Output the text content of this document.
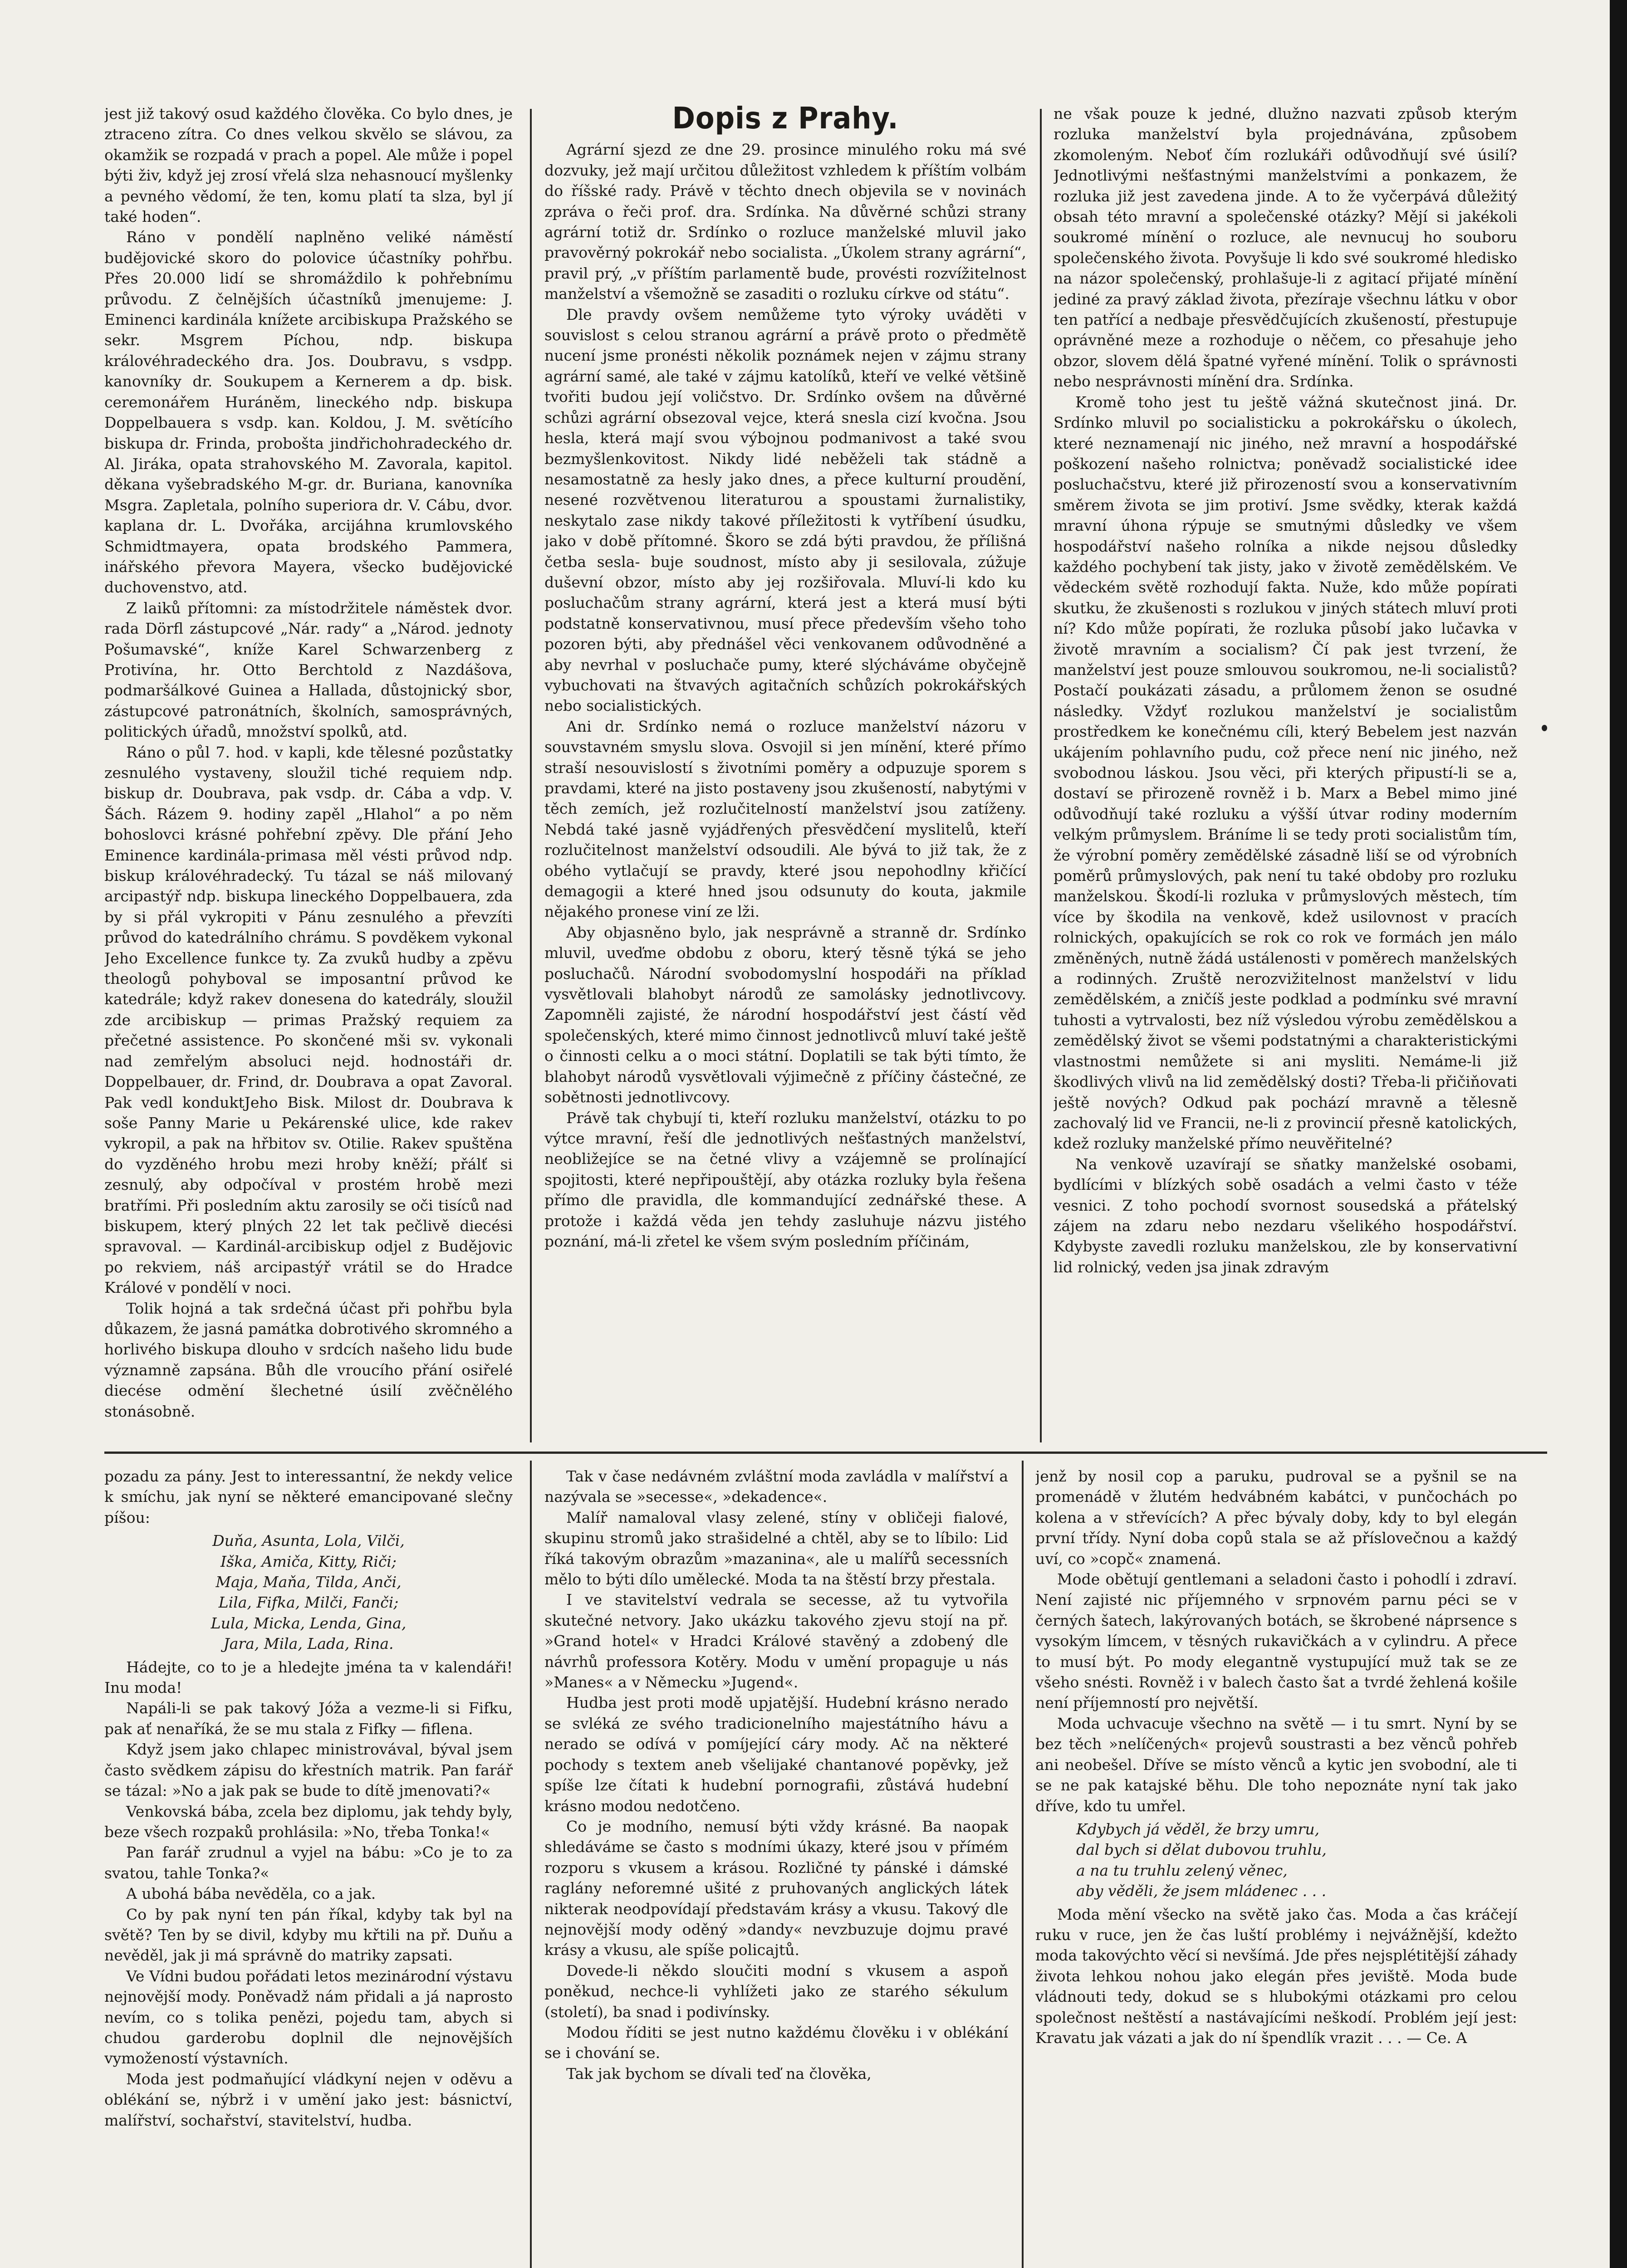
jest již takový osud každého člověka. Co bylo dnes, je ztraceno zítra. Co dnes velkou skvělo se slávou, za okamžik se rozpadá v prach a popel. Ale může i popel býti živ, když jej zrosí vřelá slza nehasnoucí myšlenky a pevného vědomí, že ten, komu platí ta slza, byl jí také hoden“.

Ráno v pondělí naplněno veliké náměstí budějovické skoro do polovice účastníky pohřbu. Přes 20.000 lidí se shromáždilo k pohřebnímu průvodu. Z čelnějších účastníků jmenujeme: J. Eminenci kardinála knížete arcibiskupa Pražského se sekr. Msgrem Píchou, ndp. biskupa královéhradeckého dra. Jos. Doubravu, s vsdpp. kanovníky dr. Soukupem a Kernerem a dp. bisk. ceremonářem Huráněm, lineckého ndp. biskupa Doppelbauera s vsdp. kan. Koldou, J. M. světícího biskupa dr. Frinda, probošta jindřichohradeckého dr. Al. Jiráka, opata strahovského M. Zavorala, kapitol. děkana vyšebradského M-gr. dr. Buriana, kanovníka Msgra. Zapletala, polního superiora dr. V. Cábu, dvor. kaplana dr. L. Dvořáka, arcijáhna krumlovského Schmidtmayera, opata brodského Pammera, inářského převora Mayera, všecko budějovické duchovenstvo, atd.

Z laiků přítomni: za místodržitele náměstek dvor. rada Dörfl zástupcové „Nár. rady“ a „Národ. jednoty Pošumavské“, kníže Karel Schwarzenberg z Protivína, hr. Otto Berchtold z Nazdášova, podmaršálkové Guinea a Hallada, důstojnický sbor, zástupcové patronátních, školních, samosprávných, politických úřadů, množství spolků, atd.

Ráno o půl 7. hod. v kapli, kde tělesné pozůstatky zesnulého vystaveny, sloužil tiché requiem ndp. biskup dr. Doubrava, pak vsdp. dr. Cába a vdp. V. Šách. Rázem 9. hodiny zapěl „Hlahol“ a po něm bohoslovci krásné pohřební zpěvy. Dle přání Jeho Eminence kardinála-primasa měl vésti průvod ndp. biskup královéhradecký. Tu tázal se náš milovaný arcipastýř ndp. biskupa lineckého Doppelbauera, zda by si přál vykropiti v Pánu zesnulého a převzíti průvod do katedrálního chrámu. S povděkem vykonal Jeho Excellence funkce ty. Za zvuků hudby a zpěvu theologů pohyboval se imposantní průvod ke katedrále; když rakev donesena do katedrály, sloužil zde arcibiskup — primas Pražský requiem za přečetné assistence. Po skončené mši sv. vykonali nad zemřelým absoluci nejd. hodnostáři dr. Doppelbauer, dr. Frind, dr. Doubrava a opat Zavoral. Pak vedl konduktJeho Bisk. Milost dr. Doubrava k soše Panny Marie u Pekárenské ulice, kde rakev vykropil, a pak na hřbitov sv. Otilie. Rakev spuštěna do vyzděného hrobu mezi hroby kněží; přálť si zesnulý, aby odpočíval v prostém hrobě mezi bratřími. Při posledním aktu zarosily se oči tisíců nad biskupem, který plných 22 let tak pečlivě diecési spravoval. — Kardinál-arcibiskup odjel z Budějovic po rekviem, náš arcipastýř vrátil se do Hradce Králové v pondělí v noci.

Tolik hojná a tak srdečná účast při pohřbu byla důkazem, že jasná památka dobrotivého skromného a horlivého biskupa dlouho v srdcích našeho lidu bude významně zapsána. Bůh dle vroucího přání osiřelé diecése odmění šlechetné úsilí zvěčnělého stonásobně.

Dopis z Prahy.

Agrární sjezd ze dne 29. prosince minulého roku má své dozvuky, jež mají určitou důležitost vzhledem k příštím volbám do říšské rady. Právě v těchto dnech objevila se v novinách zpráva o řeči prof. dra. Srdínka. Na důvěrné schůzi strany agrární totiž dr. Srdínko o rozluce manželské mluvil jako pravověrný pokrokář nebo socialista. „Úkolem strany agrární“, pravil prý, „v příštím parlamentě bude, provésti rozvížitelnost manželství a všemožně se zasaditi o rozluku církve od státu“.

Dle pravdy ovšem nemůžeme tyto výroky uváděti v souvislost s celou stranou agrární a právě proto o předmětě nucení jsme pronésti několik poznámek nejen v zájmu strany agrární samé, ale také v zájmu katolíků, kteří ve velké většině tvořiti budou její voličstvo. Dr. Srdínko ovšem na důvěrné schůzi agrární obsezoval vejce, která snesla cizí kvočna. Jsou hesla, která mají svou výbojnou podmanivost a také svou bezmyšlenkovitost. Nikdy lidé neběželi tak stádně a nesamostatně za hesly jako dnes, a přece kulturní proudění, nesené rozvětvenou literaturou a spoustami žurnalistiky, neskytalo zase nikdy takové příležitosti k vytříbení úsudku, jako v době přítomné. Škoro se zdá býti pravdou, že přílišná četba sesla- buje soudnost, místo aby ji sesilovala, zúžuje duševní obzor, místo aby jej rozšiřovala. Mluví-li kdo ku posluchačům strany agrární, která jest a která musí býti podstatně konservativnou, musí přece především všeho toho pozoren býti, aby přednášel věci venkovanem odůvodněné a aby nevrhal v posluchače pumy, které slýcháváme obyčejně vybuchovati na štvavých agitačních schůzích pokrokářských nebo socialistických.

Ani dr. Srdínko nemá o rozluce manželství názoru v souvstavném smyslu slova. Osvojil si jen mínění, které přímo straší nesouvislostí s životními poměry a odpuzuje sporem s pravdami, které na jisto postaveny jsou zkušeností, nabytými v těch zemích, jež rozlučitelností manželství jsou zatíženy. Nebdá také jasně vyjádřených přesvědčení myslitelů, kteří rozlučitelnost manželství odsoudili. Ale bývá to již tak, že z obého vytlačují se pravdy, které jsou nepohodlny křičící demagogii a které hned jsou odsunuty do kouta, jakmile nějakého pronese viní ze lži.

Aby objasněno bylo, jak nesprávně a stranně dr. Srdínko mluvil, uveďme obdobu z oboru, který těsně týká se jeho posluchačů. Národní svobodomyslní hospodáři na příklad vysvětlovali blahobyt národů ze samolásky jednotlivcovy. Zapomněli zajisté, že národní hospodářství jest částí věd společenských, které mimo činnost jednotlivců mluví také ještě o činnosti celku a o moci státní. Doplatili se tak býti tímto, že blahobyt národů vysvětlovali výjimečně z příčiny částečné, ze sobětnosti jednotlivcovy.

Právě tak chybují ti, kteří rozluku manželství, otázku to po výtce mravní, řeší dle jednotlivých nešťastných manželství, neobližejíce se na četné vlivy a vzájemně se prolínající spojitosti, které nepřipouštějí, aby otázka rozluky byla řešena přímo dle pravidla, dle kommandující zednářské these. A protože i každá věda jen tehdy zasluhuje názvu jistého poznání, má-li zřetel ke všem svým posledním příčinám,

ne však pouze k jedné, dlužno nazvati způsob kterým rozluka manželství byla projednávána, způsobem zkomoleným. Neboť čím rozlukáři odůvodňují své úsilí? Jednotlivými nešťastnými manželstvími a ponkazem, že rozluka již jest zavedena jinde. A to že vyčerpává důležitý obsah této mravní a společenské otázky? Mějí si jakékoli soukromé mínění o rozluce, ale nevnucuj ho souboru společenského života. Povyšuje li kdo své soukromé hledisko na názor společenský, prohlašuje-li z agitací přijaté mínění jediné za pravý základ života, přezíraje všechnu látku v obor ten patřící a nedbaje přesvědčujících zkušeností, přestupuje oprávněné meze a rozhoduje o něčem, co přesahuje jeho obzor, slovem dělá špatné vyřené mínění. Tolik o správnosti nebo nesprávnosti mínění dra. Srdínka.

Kromě toho jest tu ještě vážná skutečnost jiná. Dr. Srdínko mluvil po socialisticku a pokrokářsku o úkolech, které neznamenají nic jiného, než mravní a hospodářské poškození našeho rolnictva; poněvadž socialistické idee posluchačstvu, které již přirozeností svou a konservativním směrem života se jim protiví. Jsme svědky, kterak každá mravní úhona rýpuje se smutnými důsledky ve všem hospodářství našeho rolníka a nikde nejsou důsledky každého pochybení tak jisty, jako v životě zemědělském. Ve vědeckém světě rozhodují fakta. Nuže, kdo může popírati skutku, že zkušenosti s rozlukou v jiných státech mluví proti ní? Kdo může popírati, že rozluka působí jako lučavka v životě mravním a socialism? Čí pak jest tvrzení, že manželství jest pouze smlouvou soukromou, ne-li socialistů? Postačí poukázati zásadu, a průlomem ženon se osudné následky. Vždyť rozlukou manželství je socialistům prostředkem ke konečnému cíli, který Bebelem jest nazván ukájením pohlavního pudu, což přece není nic jiného, než svobodnou láskou. Jsou věci, při kterých připustí-li se a, dostaví se přirozeně rovněž i b. Marx a Bebel mimo jiné odůvodňují také rozluku a výšší útvar rodiny moderním velkým průmyslem. Bráníme li se tedy proti socialistům tím, že výrobní poměry zemědělské zásadně liší se od výrobních poměrů průmyslových, pak není tu také obdoby pro rozluku manželskou. Škodí-li rozluka v průmyslových městech, tím více by škodila na venkově, kdež usilovnost v pracích rolnických, opakujících se rok co rok ve formách jen málo změněných, nutně žádá ustálenosti v poměrech manželských a rodinných. Zruště nerozvižitelnost manželství v lidu zemědělském, a zničíš jeste podklad a podmínku své mravní tuhosti a vytrvalosti, bez níž výsledou výrobu zemědělskou a zemědělský život se všemi podstatnými a charakteristickými vlastnostmi nemůžete si ani mysliti. Nemáme-li již škodlivých vlivů na lid zemědělský dosti? Třeba-li přičiňovati ještě nových? Odkud pak pochází mravně a tělesně zachovalý lid ve Francii, ne-li z provincií přesně katolických, kdež rozluky manželské přímo neuvěřitelné?

Na venkově uzavírají se sňatky manželské osobami, bydlícími v blízkých sobě osadách a velmi často v téže vesnici. Z toho pochodí svornost sousedská a přátelský zájem na zdaru nebo nezdaru všelikého hospodářství. Kdybyste zavedli rozluku manželskou, zle by konservativní lid rolnický, veden jsa jinak zdravým

pozadu za pány. Jest to interessantní, že nekdy velice k smíchu, jak nyní se některé emancipované slečny píšou:

Duňa, Asunta, Lola, Vilči,
Iška, Amiča, Kitty, Riči;
Maja, Maňa, Tilda, Anči,
Lila, Fifka, Milči, Fanči;
Lula, Micka, Lenda, Gina,
Jara, Mila, Lada, Rina.

Hádejte, co to je a hledejte jména ta v kalendáři! Inu moda!

Napáli-li se pak takový Jóža a vezme-li si Fifku, pak ať nenaříká, že se mu stala z Fifky — fiflena.

Když jsem jako chlapec ministrovával, býval jsem často svědkem zápisu do křestních matrik. Pan farář se tázal: »No a jak pak se bude to dítě jmenovati?«

Venkovská bába, zcela bez diplomu, jak tehdy byly, beze všech rozpaků prohlásila: »No, třeba Tonka!«

Pan farář zrudnul a vyjel na bábu: »Co je to za svatou, tahle Tonka?«

A ubohá bába nevěděla, co a jak.

Co by pak nyní ten pán říkal, kdyby tak byl na světě? Ten by se divil, kdyby mu křtili na př. Duňu a nevěděl, jak ji má správně do matriky zapsati.

Ve Vídni budou pořádati letos mezinárodní výstavu nejnovější mody. Poněvadž nám přidali a já naprosto nevím, co s tolika penězi, pojedu tam, abych si chudou garderobu doplnil dle nejnovějších vymožeností výstavních.

Moda jest podmaňující vládkyní nejen v oděvu a oblékání se, nýbrž i v umění jako jest: básnictví, malířství, sochařství, stavitelství, hudba.

Tak v čase nedávném zvláštní moda zavládla v malířství a nazývala se »secesse«, »dekadence«.

Malíř namaloval vlasy zelené, stíny v obličeji fialové, skupinu stromů jako strašidelné a chtěl, aby se to líbilo: Lid říká takovým obrazům »mazanina«, ale u malířů secessních mělo to býti dílo umělecké. Moda ta na štěstí brzy přestala.

I ve stavitelství vedrala se secesse, až tu vytvořila skutečné netvory. Jako ukázku takového zjevu stojí na př. »Grand hotel« v Hradci Králové stavěný a zdobený dle návrhů professora Kotěry. Modu v umění propaguje u nás »Manes« a v Německu »Jugend«.

Hudba jest proti modě upjatější. Hudební krásno nerado se svléká ze svého tradicionelního majestátního hávu a nerado se odívá v pomíjející cáry mody. Ač na některé pochody s textem aneb všelijaké chantanové popěvky, jež spíše lze čítati k hudební pornografii, zůstává hudební krásno modou nedotčeno.

Co je modního, nemusí býti vždy krásné. Ba naopak shledáváme se často s modními úkazy, které jsou v přímém rozporu s vkusem a krásou. Rozličné ty pánské i dámské raglány neforemné ušité z pruhovaných anglických látek nikterak neodpovídají představám krásy a vkusu. Takový dle nejnovější mody oděný »dandy« nevzbuzuje dojmu pravé krásy a vkusu, ale spíše policajtů.

Dovede-li někdo sloučiti modní s vkusem a aspoň poněkud, nechce-li vyhlížeti jako ze starého sékulum (století), ba snad i podivínsky.

Modou říditi se jest nutno každému člověku i v oblékání se i chování se.

Tak jak bychom se dívali teď na člověka,

jenž by nosil cop a paruku, pudroval se a pyšnil se na promenádě v žlutém hedvábném kabátci, v punčochách po kolena a v střevících? A přec bývaly doby, kdy to byl elegán první třídy. Nyní doba copů stala se až příslovečnou a každý uví, co »copč« znamená.

Mode obětují gentlemani a seladoni často i pohodlí i zdraví. Není zajisté nic příjemného v srpnovém parnu péci se v černých šatech, lakýrovaných botách, se škrobené náprsence s vysokým límcem, v těsných rukavičkách a v cylindru. A přece to musí být. Po mody elegantně vystupující muž tak se ze všeho snésti. Rovněž i v balech často šat a tvrdé žehlená košile není příjemností pro největší.

Moda uchvacuje všechno na světě — i tu smrt. Nyní by se bez těch »nelíčených« projevů soustrasti a bez věnců pohřeb ani neobešel. Dříve se místo věnců a kytic jen svobodní, ale ti se ne pak katajské běhu. Dle toho nepoznáte nyní tak jako dříve, kdo tu umřel.

Kdybych já věděl, že brzy umru,
dal bych si dělat dubovou truhlu,
a na tu truhlu zelený věnec,
aby věděli, že jsem mládenec . . .

Moda mění všecko na světě jako čas. Moda a čas kráčejí ruku v ruce, jen že čas luští problémy i nejvážnější, kdežto moda takovýchto věcí si nevšímá. Jde přes nejsplétitější záhady života lehkou nohou jako elegán přes jeviště. Moda bude vládnouti tedy, dokud se s hlubokými otázkami pro celou společnost neštěstí a nastávajícími neškodí. Problém její jest: Kravatu jak vázati a jak do ní špendlík vrazit . . . — Ce. A
